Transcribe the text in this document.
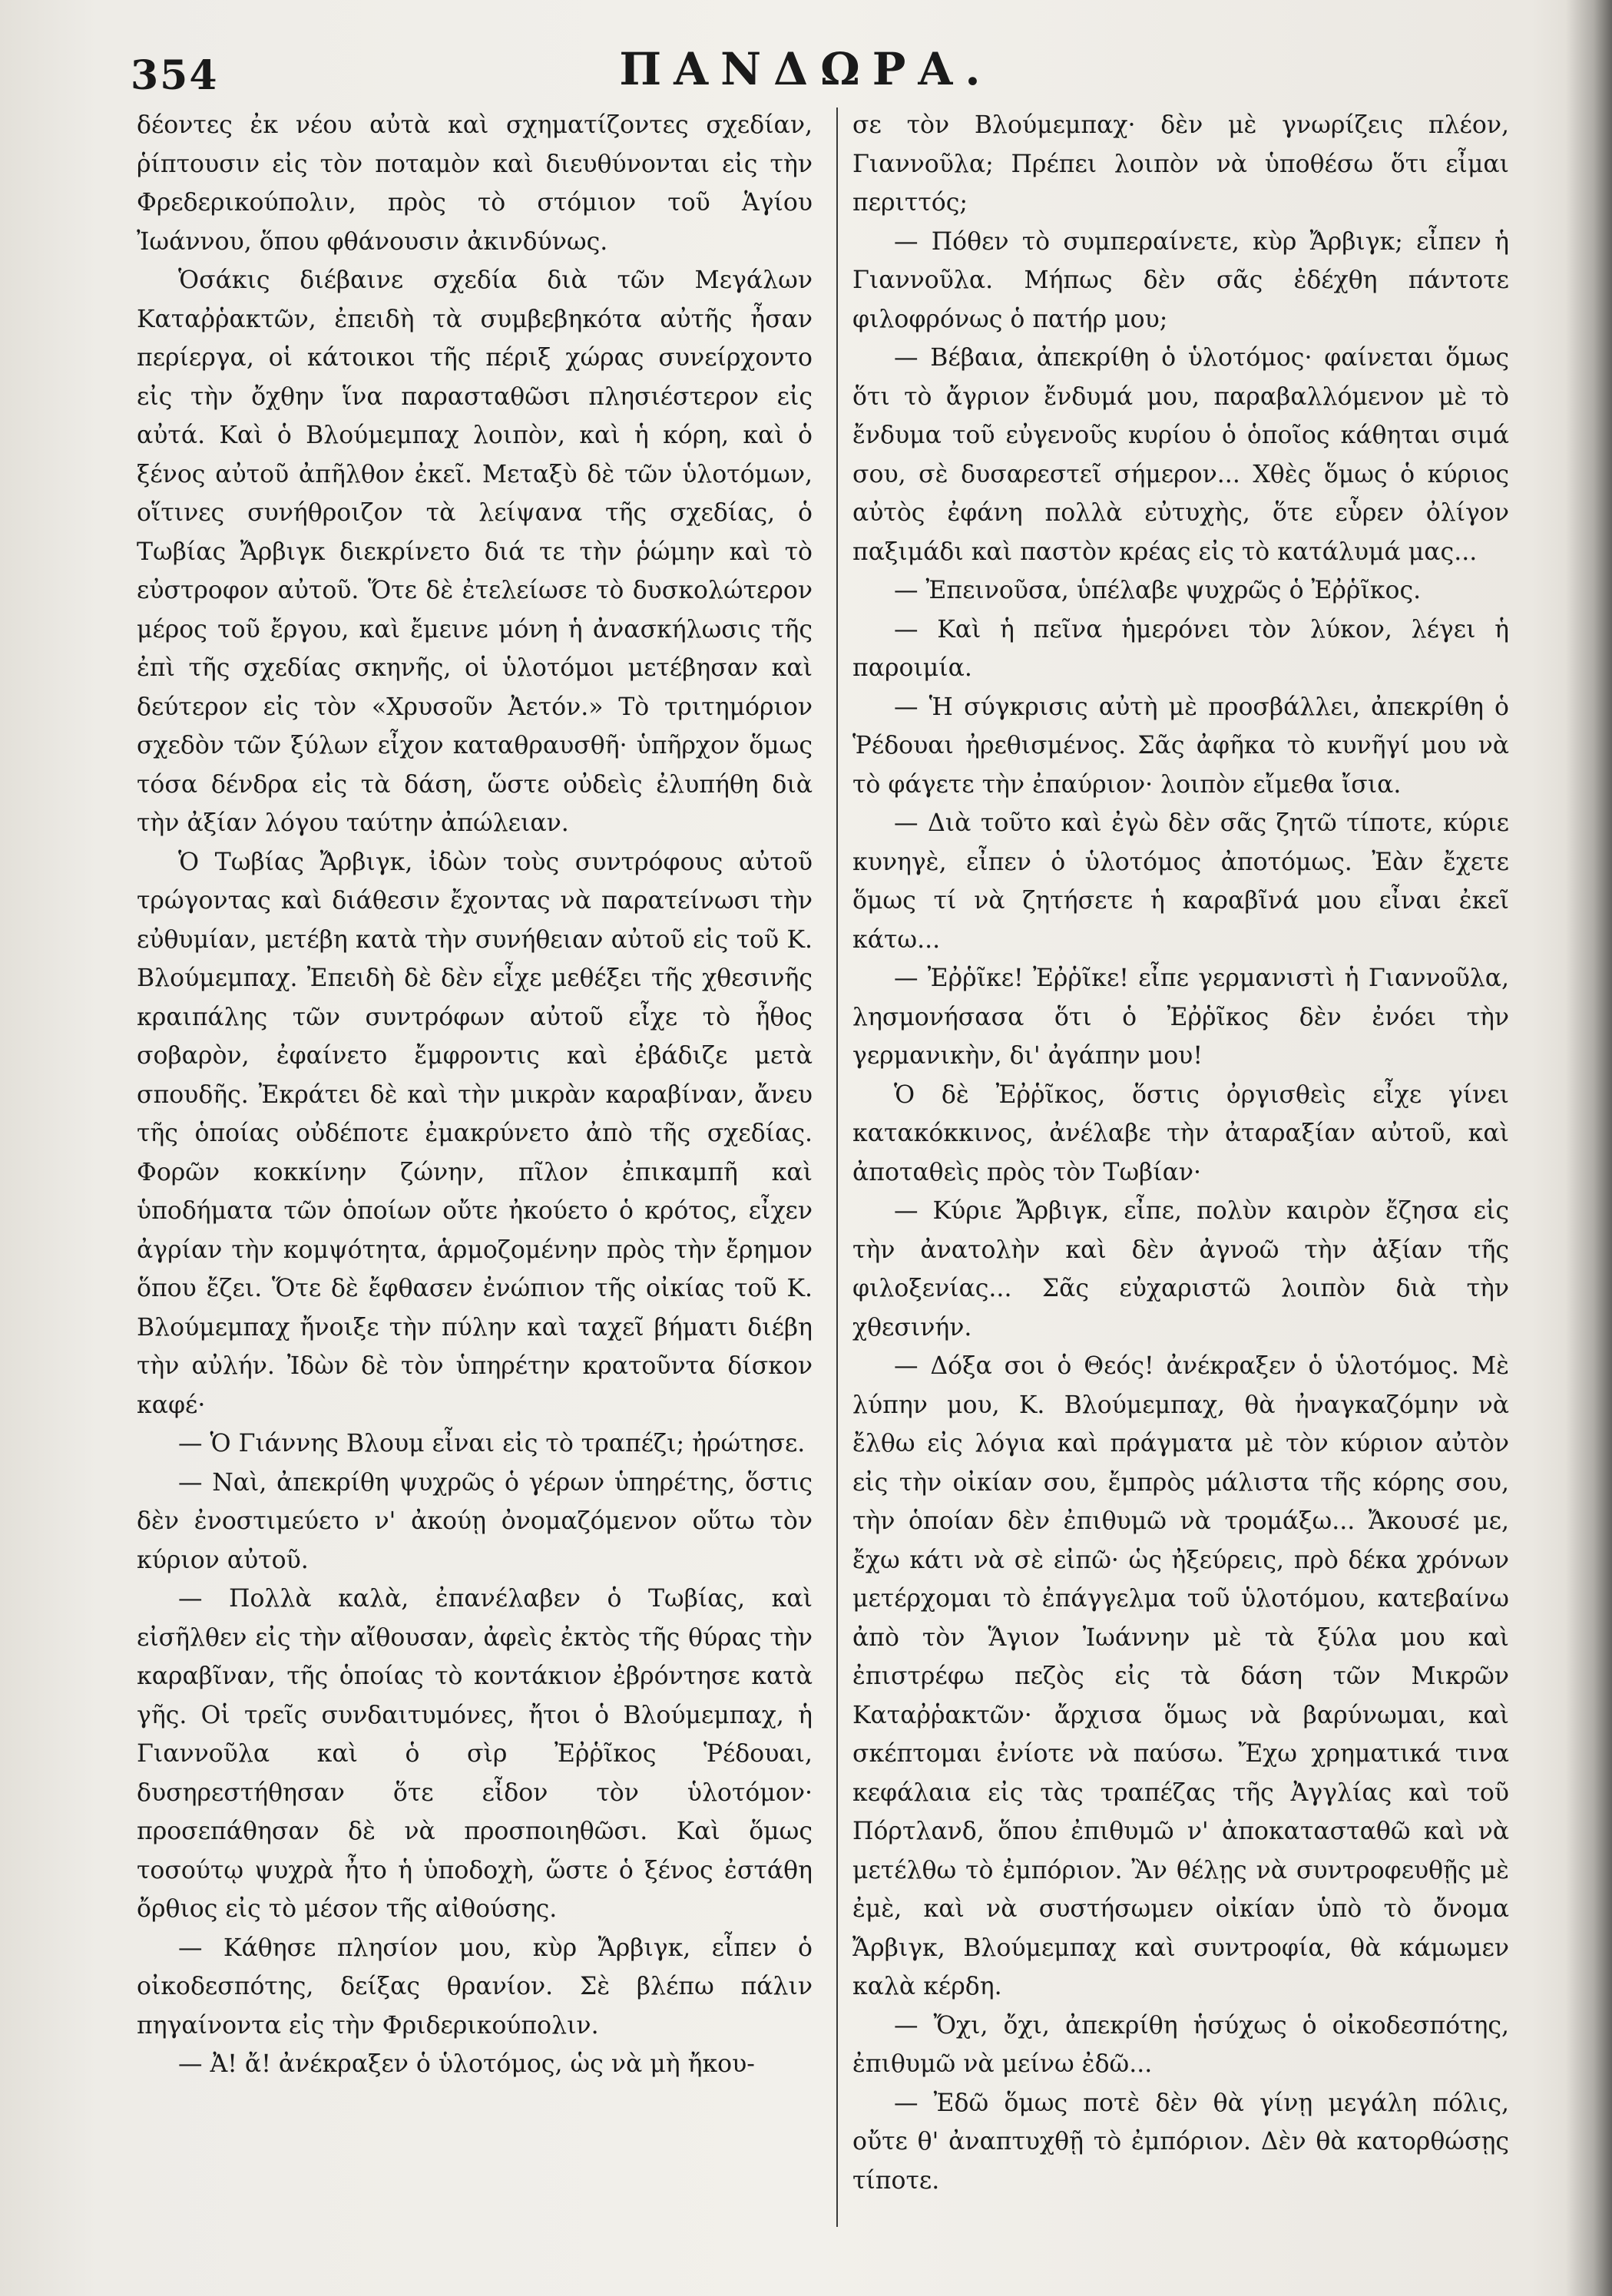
354	ΠΑΝΔΩΡΑ.

δέοντες ἐκ νέου αὐτὰ καὶ σχηματίζοντες σχεδίαν, ῥίπτουσιν εἰς τὸν ποταμὸν καὶ διευθύνονται εἰς τὴν Φρεδερικούπολιν, πρὸς τὸ στόμιον τοῦ Ἁγίου Ἰωάννου, ὅπου φθάνουσιν ἀκινδύνως.

Ὁσάκις διέβαινε σχεδία διὰ τῶν Μεγάλων Καταῤῥακτῶν, ἐπειδὴ τὰ συμβεβηκότα αὐτῆς ἦσαν περίεργα, οἱ κάτοικοι τῆς πέριξ χώρας συνείρχοντο εἰς τὴν ὄχθην ἵνα παρασταθῶσι πλησιέστερον εἰς αὐτά. Καὶ ὁ Βλούμεμπαχ λοιπὸν, καὶ ἡ κόρη, καὶ ὁ ξένος αὐτοῦ ἀπῆλθον ἐκεῖ. Μεταξὺ δὲ τῶν ὑλοτόμων, οἵτινες συνήθροιζον τὰ λείψανα τῆς σχεδίας, ὁ Τωβίας Ἄρβιγκ διεκρίνετο διά τε τὴν ῥώμην καὶ τὸ εὐστροφον αὐτοῦ. Ὅτε δὲ ἐτελείωσε τὸ δυσκολώτερον μέρος τοῦ ἔργου, καὶ ἔμεινε μόνη ἡ ἀνασκήλωσις τῆς ἐπὶ τῆς σχεδίας σκηνῆς, οἱ ὑλοτόμοι μετέβησαν καὶ δεύτερον εἰς τὸν «Χρυσοῦν Ἀετόν.» Τὸ τριτημόριον σχεδὸν τῶν ξύλων εἶχον καταθραυσθῆ· ὑπῆρχον ὅμως τόσα δένδρα εἰς τὰ δάση, ὥστε οὐδεὶς ἐλυπήθη διὰ τὴν ἀξίαν λόγου ταύτην ἀπώλειαν.

Ὁ Τωβίας Ἄρβιγκ, ἰδὼν τοὺς συντρόφους αὐτοῦ τρώγοντας καὶ διάθεσιν ἔχοντας νὰ παρατείνωσι τὴν εὐθυμίαν, μετέβη κατὰ τὴν συνήθειαν αὐτοῦ εἰς τοῦ Κ. Βλούμεμπαχ. Ἐπειδὴ δὲ δὲν εἶχε μεθέξει τῆς χθεσινῆς κραιπάλης τῶν συντρόφων αὐτοῦ εἶχε τὸ ἦθος σοβαρὸν, ἐφαίνετο ἔμφροντις καὶ ἐβάδιζε μετὰ σπουδῆς. Ἐκράτει δὲ καὶ τὴν μικρὰν καραβίναν, ἄνευ τῆς ὁποίας οὐδέποτε ἐμακρύνετο ἀπὸ τῆς σχεδίας. Φορῶν κοκκίνην ζώνην, πῖλον ἐπικαμπῆ καὶ ὑποδήματα τῶν ὁποίων οὔτε ἠκούετο ὁ κρότος, εἶχεν ἀγρίαν τὴν κομψότητα, ἁρμοζομένην πρὸς τὴν ἔρημον ὅπου ἔζει. Ὅτε δὲ ἔφθασεν ἐνώπιον τῆς οἰκίας τοῦ Κ. Βλούμεμπαχ ἤνοιξε τὴν πύλην καὶ ταχεῖ βήματι διέβη τὴν αὐλήν. Ἰδὼν δὲ τὸν ὑπηρέτην κρατοῦντα δίσκον καφέ·

— Ὁ Γιάννης Βλουμ εἶναι εἰς τὸ τραπέζι; ἠρώτησε.

— Ναὶ, ἀπεκρίθη ψυχρῶς ὁ γέρων ὑπηρέτης, ὅστις δὲν ἐνοστιμεύετο ν' ἀκούῃ ὀνομαζόμενον οὕτω τὸν κύριον αὐτοῦ.

— Πολλὰ καλὰ, ἐπανέλαβεν ὁ Τωβίας, καὶ εἰσῆλθεν εἰς τὴν αἴθουσαν, ἀφεὶς ἐκτὸς τῆς θύρας τὴν καραβῖναν, τῆς ὁποίας τὸ κοντάκιον ἐβρόντησε κατὰ γῆς. Οἱ τρεῖς συνδαιτυμόνες, ἤτοι ὁ Βλούμεμπαχ, ἡ Γιαννοῦλα καὶ ὁ σὶρ Ἐῤῥῖκος Ῥέδουαι, δυσηρεστήθησαν ὅτε εἶδον τὸν ὑλοτόμον· προσεπάθησαν δὲ νὰ προσποιηθῶσι. Καὶ ὅμως τοσούτῳ ψυχρὰ ἦτο ἡ ὑποδοχὴ, ὥστε ὁ ξένος ἐστάθη ὄρθιος εἰς τὸ μέσον τῆς αἰθούσης.

— Κάθησε πλησίον μου, κὺρ Ἄρβιγκ, εἶπεν ὁ οἰκοδεσπότης, δείξας θρανίον. Σὲ βλέπω πάλιν πηγαίνοντα εἰς τὴν Φριδερικούπολιν.

— Ἀ! ἄ! ἀνέκραξεν ὁ ὑλοτόμος, ὡς νὰ μὴ ἤκου-

σε τὸν Βλούμεμπαχ· δὲν μὲ γνωρίζεις πλέον, Γιαννοῦλα; Πρέπει λοιπὸν νὰ ὑποθέσω ὅτι εἶμαι περιττός;

— Πόθεν τὸ συμπεραίνετε, κὺρ Ἄρβιγκ; εἶπεν ἡ Γιαννοῦλα. Μήπως δὲν σᾶς ἐδέχθη πάντοτε φιλοφρόνως ὁ πατήρ μου;

— Βέβαια, ἀπεκρίθη ὁ ὑλοτόμος· φαίνεται ὅμως ὅτι τὸ ἄγριον ἔνδυμά μου, παραβαλλόμενον μὲ τὸ ἔνδυμα τοῦ εὐγενοῦς κυρίου ὁ ὁποῖος κάθηται σιμά σου, σὲ δυσαρεστεῖ σήμερον... Χθὲς ὅμως ὁ κύριος αὐτὸς ἐφάνη πολλὰ εὐτυχὴς, ὅτε εὗρεν ὀλίγον παξιμάδι καὶ παστὸν κρέας εἰς τὸ κατάλυμά μας...

— Ἐπεινοῦσα, ὑπέλαβε ψυχρῶς ὁ Ἐῤῥῖκος.

— Καὶ ἡ πεῖνα ἡμερόνει τὸν λύκον, λέγει ἡ παροιμία.

— Ἡ σύγκρισις αὐτὴ μὲ προσβάλλει, ἀπεκρίθη ὁ Ῥέδουαι ἠρεθισμένος. Σᾶς ἀφῆκα τὸ κυνῆγί μου νὰ τὸ φάγετε τὴν ἐπαύριον· λοιπὸν εἴμεθα ἴσια.

— Διὰ τοῦτο καὶ ἐγὼ δὲν σᾶς ζητῶ τίποτε, κύριε κυνηγὲ, εἶπεν ὁ ὑλοτόμος ἀποτόμως. Ἐὰν ἔχετε ὅμως τί νὰ ζητήσετε ἡ καραβῖνά μου εἶναι ἐκεῖ κάτω...

— Ἐῤῥῖκε! Ἐῤῥῖκε! εἶπε γερμανιστὶ ἡ Γιαννοῦλα, λησμονήσασα ὅτι ὁ Ἐῤῥῖκος δὲν ἐνόει τὴν γερμανικὴν, δι' ἀγάπην μου!

Ὁ δὲ Ἐῤῥῖκος, ὅστις ὀργισθεὶς εἶχε γίνει κατακόκκινος, ἀνέλαβε τὴν ἀταραξίαν αὐτοῦ, καὶ ἀποταθεὶς πρὸς τὸν Τωβίαν·

— Κύριε Ἄρβιγκ, εἶπε, πολὺν καιρὸν ἔζησα εἰς τὴν ἀνατολὴν καὶ δὲν ἀγνοῶ τὴν ἀξίαν τῆς φιλοξενίας... Σᾶς εὐχαριστῶ λοιπὸν διὰ τὴν χθεσινήν.

— Δόξα σοι ὁ Θεός! ἀνέκραξεν ὁ ὑλοτόμος. Μὲ λύπην μου, Κ. Βλούμεμπαχ, θὰ ἠναγκαζόμην νὰ ἔλθω εἰς λόγια καὶ πράγματα μὲ τὸν κύριον αὐτὸν εἰς τὴν οἰκίαν σου, ἔμπρὸς μάλιστα τῆς κόρης σου, τὴν ὁποίαν δὲν ἐπιθυμῶ νὰ τρομάξω... Ἄκουσέ με, ἔχω κάτι νὰ σὲ εἰπῶ· ὡς ἠξεύρεις, πρὸ δέκα χρόνων μετέρχομαι τὸ ἐπάγγελμα τοῦ ὑλοτόμου, κατεβαίνω ἀπὸ τὸν Ἅγιον Ἰωάννην μὲ τὰ ξύλα μου καὶ ἐπιστρέφω πεζὸς εἰς τὰ δάση τῶν Μικρῶν Καταῤῥακτῶν· ἄρχισα ὅμως νὰ βαρύνωμαι, καὶ σκέπτομαι ἐνίοτε νὰ παύσω. Ἔχω χρηματικά τινα κεφάλαια εἰς τὰς τραπέζας τῆς Ἀγγλίας καὶ τοῦ Πόρτλανδ, ὅπου ἐπιθυμῶ ν' ἀποκατασταθῶ καὶ νὰ μετέλθω τὸ ἐμπόριον. Ἂν θέλῃς νὰ συντροφευθῇς μὲ ἐμὲ, καὶ νὰ συστήσωμεν οἰκίαν ὑπὸ τὸ ὄνομα Ἄρβιγκ, Βλούμεμπαχ καὶ συντροφία, θὰ κάμωμεν καλὰ κέρδη.

— Ὄχι, ὄχι, ἀπεκρίθη ἡσύχως ὁ οἰκοδεσπότης, ἐπιθυμῶ νὰ μείνω ἐδῶ...

— Ἐδῶ ὅμως ποτὲ δὲν θὰ γίνῃ μεγάλη πόλις, οὔτε θ' ἀναπτυχθῇ τὸ ἐμπόριον. Δὲν θὰ κατορθώσῃς τίποτε.
